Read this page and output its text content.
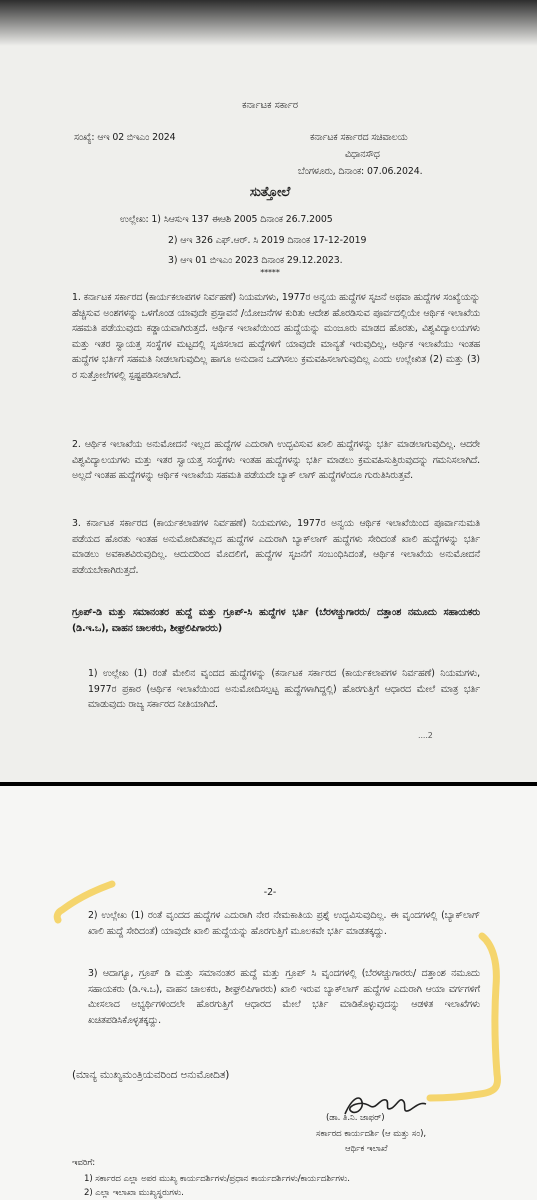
ಕರ್ನಾಟಕ ಸರ್ಕಾರ
ಸಂಖ್ಯೆ: ಆಇ 02 ಬಿಇಎಂ 2024	ಕರ್ನಾಟಕ ಸರ್ಕಾರದ ಸಚಿವಾಲಯ
ವಿಧಾನಸೌಧ
ಬೆಂಗಳೂರು, ದಿನಾಂಕ: 07.06.2024.
ಸುತ್ತೋಲೆ
ಉಲ್ಲೇಖ: 1) ಸಿಆಸುಇ 137 ಈಆಶಿ 2005 ದಿನಾಂಕ 26.7.2005
2) ಆಇ 326 ಎಫ್.ಆರ್. ಸಿ 2019 ದಿನಾಂಕ 17-12-2019
3) ಆಇ 01 ಬಿಇಎಂ 2023 ದಿನಾಂಕ 29.12.2023.
*****
1. ಕರ್ನಾಟಕ ಸರ್ಕಾರದ (ಕಾರ್ಯಕಲಾಪಗಳ ನಿರ್ವಹಣೆ) ನಿಯಮಗಳು, 1977ರ ಅನ್ವಯ ಹುದ್ದೆಗಳ ಸೃಜನೆ ಅಥವಾ ಹುದ್ದೆಗಳ ಸಂಖ್ಯೆಯನ್ನು ಹೆಚ್ಚಿಸುವ ಅಂಶಗಳನ್ನು ಒಳಗೊಂಡ ಯಾವುದೇ ಪ್ರಸ್ತಾವನೆ /ಯೋಜನೆಗಳ ಕುರಿತು ಆದೇಶ ಹೊರಡಿಸುವ ಪೂರ್ವದಲ್ಲಿಯೇ ಆರ್ಥಿಕ ಇಲಾಖೆಯ ಸಹಮತಿ ಪಡೆಯುವುದು ಕಡ್ಡಾಯವಾಗಿರುತ್ತದೆ. ಆರ್ಥಿಕ ಇಲಾಖೆಯಿಂದ ಹುದ್ದೆಯನ್ನು ಮಂಜೂರು ಮಾಡದ ಹೊರತು, ವಿಶ್ವವಿದ್ಯಾಲಯಗಳು ಮತ್ತು ಇತರ ಸ್ವಾಯತ್ತ ಸಂಸ್ಥೆಗಳ ಮಟ್ಟದಲ್ಲಿ ಸೃಜಿಸಲಾದ ಹುದ್ದೆಗಳಿಗೆ ಯಾವುದೇ ಮಾನ್ಯತೆ ಇರುವುದಿಲ್ಲ, ಆರ್ಥಿಕ ಇಲಾಖೆಯು ಇಂತಹ ಹುದ್ದೆಗಳ ಭರ್ತಿಗೆ ಸಹಮತಿ ನೀಡಲಾಗುವುದಿಲ್ಲ ಹಾಗೂ ಅನುದಾನ ಒದಗಿಸಲು ಕ್ರಮವಹಿಸಲಾಗುವುದಿಲ್ಲ ಎಂದು ಉಲ್ಲೇಖಿತ (2) ಮತ್ತು (3) ರ ಸುತ್ತೋಲೆಗಳಲ್ಲಿ ಸ್ಪಷ್ಟಪಡಿಸಲಾಗಿದೆ.
2. ಆರ್ಥಿಕ ಇಲಾಖೆಯ ಅನುಮೋದನೆ ಇಲ್ಲದ ಹುದ್ದೆಗಳ ಎದುರಾಗಿ ಉದ್ಭವಿಸುವ ಖಾಲಿ ಹುದ್ದೆಗಳನ್ನು ಭರ್ತಿ ಮಾಡಲಾಗುವುದಿಲ್ಲ. ಆದರೇ ವಿಶ್ವವಿದ್ಯಾಲಯಗಳು ಮತ್ತು ಇತರ ಸ್ವಾಯತ್ತ ಸಂಸ್ಥೆಗಳು ಇಂತಹ ಹುದ್ದೆಗಳನ್ನು ಭರ್ತಿ ಮಾಡಲು ಕ್ರಮವಹಿಸುತ್ತಿರುವುದನ್ನು ಗಮನಿಸಲಾಗಿದೆ. ಅಲ್ಲದೆ ಇಂತಹ ಹುದ್ದೆಗಳನ್ನು ಆರ್ಥಿಕ ಇಲಾಖೆಯ ಸಹಮತಿ ಪಡೆಯದೇ ಬ್ಯಾಕ್ ಲಾಗ್ ಹುದ್ದೆಗಳೆಂದೂ ಗುರುತಿಸಿರುತ್ತವೆ.
3. ಕರ್ನಾಟಕ ಸರ್ಕಾರದ (ಕಾರ್ಯಕಲಾಪಗಳ ನಿರ್ವಹಣೆ) ನಿಯಮಗಳು, 1977ರ ಅನ್ವಯ ಆರ್ಥಿಕ ಇಲಾಖೆಯಿಂದ ಪೂರ್ವಾನುಮತಿ ಪಡೆಯದ ಹೊರತು ಇಂತಹ ಅನುಮೋದಿತವಲ್ಲದ ಹುದ್ದೆಗಳ ಎದುರಾಗಿ ಬ್ಯಾಕ್‌ಲಾಗ್ ಹುದ್ದೆಗಳು ಸೇರಿದಂತೆ ಖಾಲಿ ಹುದ್ದೆಗಳನ್ನು ಭರ್ತಿ ಮಾಡಲು ಅವಕಾಶವಿರುವುದಿಲ್ಲ. ಆದುದರಿಂದ ಮೊದಲಿಗೆ, ಹುದ್ದೆಗಳ ಸೃಜನೆಗೆ ಸಂಬಂಧಿಸಿದಂತೆ, ಆರ್ಥಿಕ ಇಲಾಖೆಯ ಅನುಮೋದನೆ ಪಡೆಯಬೇಕಾಗಿರುತ್ತದೆ.
ಗ್ರೂಪ್-ಡಿ ಮತ್ತು ಸಮಾನಂತರ ಹುದ್ದೆ ಮತ್ತು ಗ್ರೂಪ್-ಸಿ ಹುದ್ದೆಗಳ ಭರ್ತಿ (ಬೆರಳಚ್ಚುಗಾರರು/ ದತ್ತಾಂಶ ನಮೂದು ಸಹಾಯಕರು (ಡಿ.ಇ.ಒ), ವಾಹನ ಚಾಲಕರು, ಶೀಘ್ರಲಿಪಿಗಾರರು)
1) ಉಲ್ಲೇಖ (1) ರಂತೆ ಮೇಲಿನ ವೃಂದದ ಹುದ್ದೆಗಳನ್ನು (ಕರ್ನಾಟಕ ಸರ್ಕಾರದ (ಕಾರ್ಯಕಲಾಪಗಳ ನಿರ್ವಹಣೆ) ನಿಯಮಗಳು, 1977ರ ಪ್ರಕಾರ (ಆರ್ಥಿಕ ಇಲಾಖೆಯಿಂದ ಅನುಮೋದಿಸಲ್ಪಟ್ಟ ಹುದ್ದೆಗಳಾಗಿದ್ದಲ್ಲಿ) ಹೊರಗುತ್ತಿಗೆ ಆಧಾರದ ಮೇಲೆ ಮಾತ್ರ ಭರ್ತಿ ಮಾಡುವುದು ರಾಜ್ಯ ಸರ್ಕಾರದ ನೀತಿಯಾಗಿದೆ.
....2
-2-
2) ಉಲ್ಲೇಖ (1) ರಂತೆ ವೃಂದದ ಹುದ್ದೆಗಳ ಎದುರಾಗಿ ನೇರ ನೇಮಕಾತಿಯ ಪ್ರಶ್ನೆ ಉದ್ಭವಿಸುವುದಿಲ್ಲ. ಈ ವೃಂದಗಳಲ್ಲಿ (ಬ್ಯಾಕ್‌ಲಾಗ್ ಖಾಲಿ ಹುದ್ದೆ ಸೇರಿದಂತೆ) ಯಾವುದೇ ಖಾಲಿ ಹುದ್ದೆಯನ್ನು ಹೊರಗುತ್ತಿಗೆ ಮೂಲಕವೇ ಭರ್ತಿ ಮಾಡತಕ್ಕದ್ದು.
3) ಆದಾಗ್ಯೂ, ಗ್ರೂಪ್ ಡಿ ಮತ್ತು ಸಮಾನಂತರ ಹುದ್ದೆ ಮತ್ತು ಗ್ರೂಪ್ ಸಿ ವೃಂದಗಳಲ್ಲಿ (ಬೆರಳಚ್ಚುಗಾರರು/ ದತ್ತಾಂಶ ನಮೂದು ಸಹಾಯಕರು (ಡಿ.ಇ.ಒ), ವಾಹನ ಚಾಲಕರು, ಶೀಘ್ರಲಿಪಿಗಾರರು) ಖಾಲಿ ಇರುವ ಬ್ಯಾಕ್‌ಲಾಗ್ ಹುದ್ದೆಗಳ ಎದುರಾಗಿ ಆಯಾ ವರ್ಗಗಳಿಗೆ ಮೀಸಲಾದ ಅಭ್ಯರ್ಥಿಗಳಿಂದಲೇ ಹೊರಗುತ್ತಿಗೆ ಆಧಾರದ ಮೇಲೆ ಭರ್ತಿ ಮಾಡಿಕೊಳ್ಳುವುದನ್ನು ಆಡಳಿತ ಇಲಾಖೆಗಳು ಖಚಿತಪಡಿಸಿಕೊಳ್ಳತಕ್ಕದ್ದು.
(ಮಾನ್ಯ ಮುಖ್ಯಮಂತ್ರಿಯವರಿಂದ ಅನುಮೋದಿತ)
(ಡಾ. ತಿ.ನಿ. ಜಾಫರ್)
ಸರ್ಕಾರದ ಕಾರ್ಯದರ್ಶಿ (ಆ ಮತ್ತು ಸಂ),
ಆರ್ಥಿಕ ಇಲಾಖೆ
ಇವರಿಗೆ:
1) ಸರ್ಕಾರದ ಎಲ್ಲಾ ಅಪರ ಮುಖ್ಯ ಕಾರ್ಯದರ್ಶಿಗಳು/ಪ್ರಧಾನ ಕಾರ್ಯದರ್ಶಿಗಳು/ಕಾರ್ಯದರ್ಶಿಗಳು.
2) ಎಲ್ಲಾ ಇಲಾಖಾ ಮುಖ್ಯಸ್ಥರುಗಳು.
